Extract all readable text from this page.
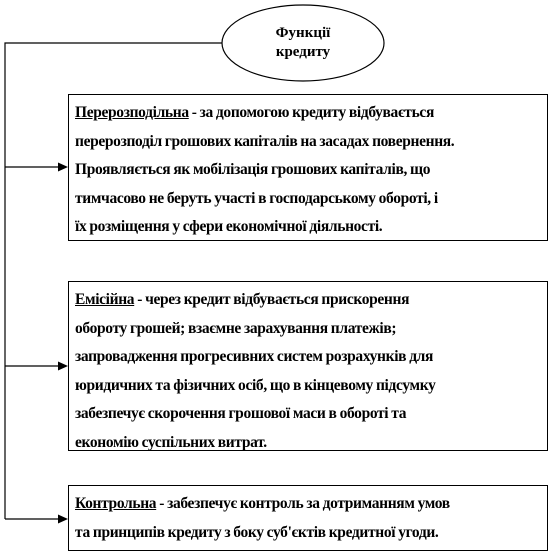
Функції
кредиту
Перерозподільна - за допомогою кредиту відбувається
перерозподіл грошових капіталів на засадах повернення.
Проявляється як мобілізація грошових капіталів, що
тимчасово не беруть участі в господарському обороті, і
їх розміщення у сфери економічної діяльності.
Емісійна - через кредит відбувається прискорення
обороту грошей; взаємне зарахування платежів;
запровадження прогресивних систем розрахунків для
юридичних та фізичних осіб, що в кінцевому підсумку
забезпечує скорочення грошової маси в обороті та
економію суспільних витрат.
Контрольна - забезпечує контроль за дотриманням умов
та принципів кредиту з боку суб'єктів кредитної угоди.
